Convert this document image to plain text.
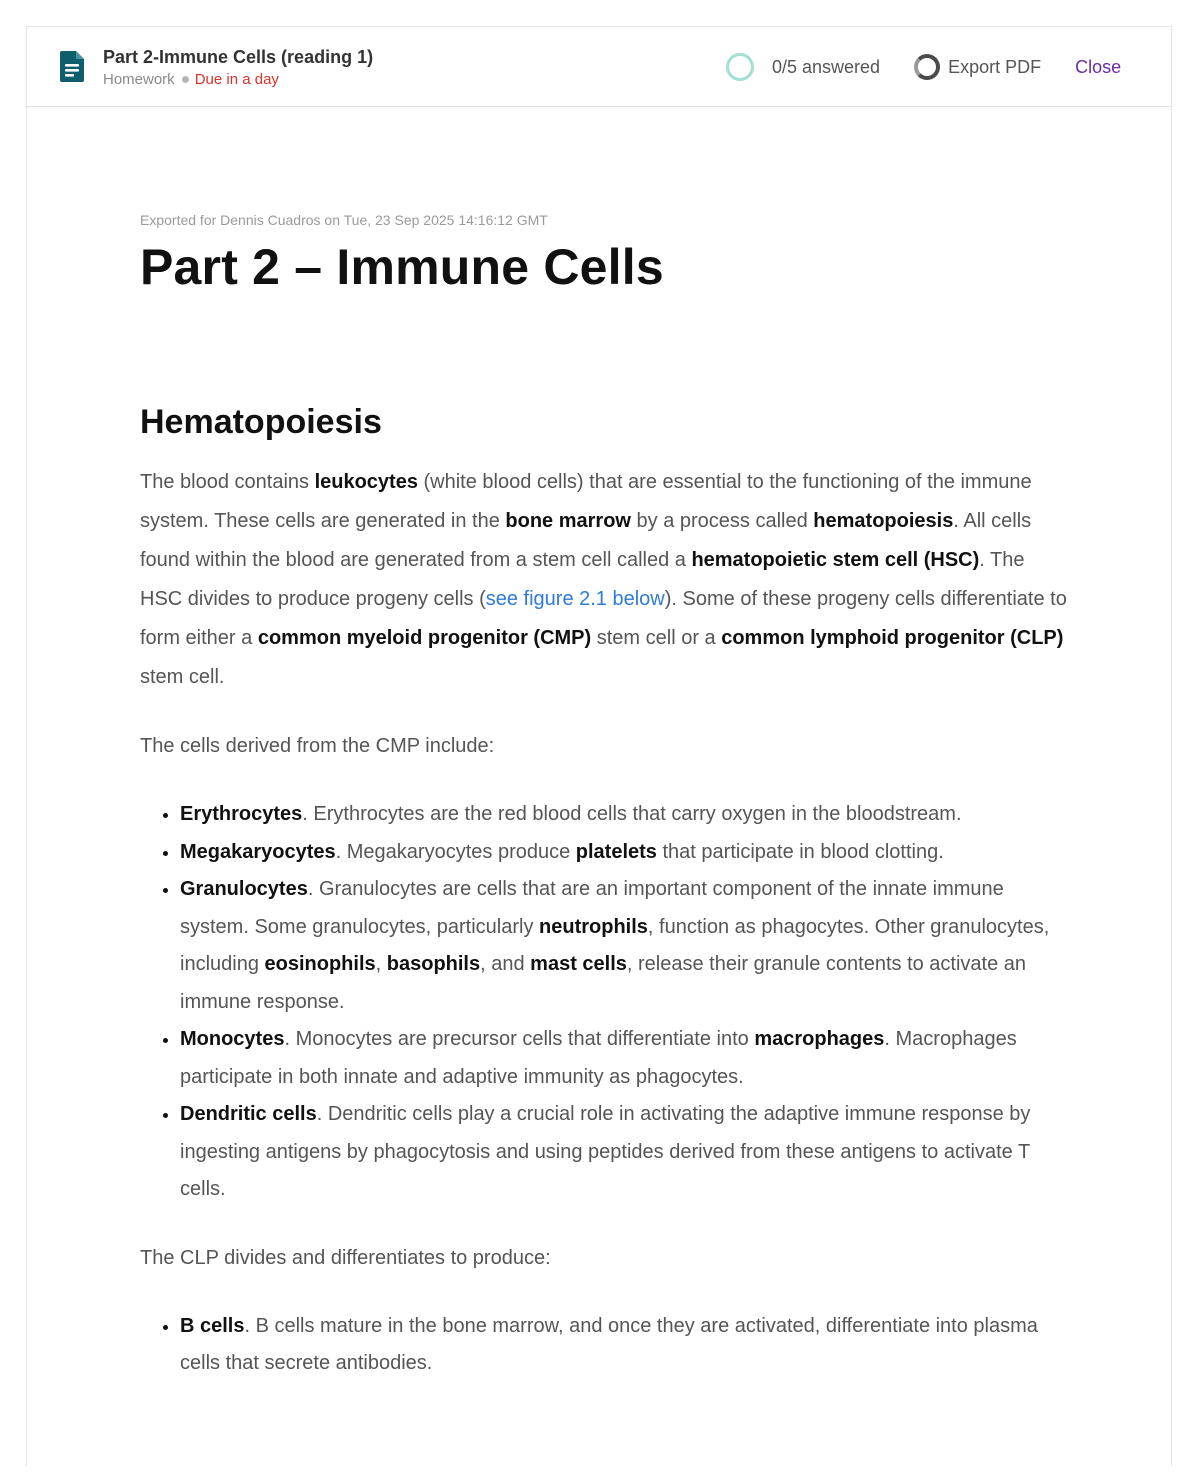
Part 2-Immune Cells (reading 1)
Homework Due in a day
0/5 answered	Export PDF Close
Exported for Dennis Cuadros on Tue, 23 Sep 2025 14:16:12 GMT
Part 2 – Immune Cells
Hematopoiesis

The blood contains leukocytes (white blood cells) that are essential to the functioning of the immune system. These cells are generated in the bone marrow by a process called hematopoiesis. All cells found within the blood are generated from a stem cell called a hematopoietic stem cell (HSC). The HSC divides to produce progeny cells (see figure 2.1 below). Some of these progeny cells differentiate to form either a common myeloid progenitor (CMP) stem cell or a common lymphoid progenitor (CLP) stem cell.

The cells derived from the CMP include:

• Erythrocytes. Erythrocytes are the red blood cells that carry oxygen in the bloodstream.
• Megakaryocytes. Megakaryocytes produce platelets that participate in blood clotting.
• Granulocytes. Granulocytes are cells that are an important component of the innate immune system. Some granulocytes, particularly neutrophils, function as phagocytes. Other granulocytes, including eosinophils, basophils, and mast cells, release their granule contents to activate an immune response.
• Monocytes. Monocytes are precursor cells that differentiate into macrophages. Macrophages participate in both innate and adaptive immunity as phagocytes.
• Dendritic cells. Dendritic cells play a crucial role in activating the adaptive immune response by ingesting antigens by phagocytosis and using peptides derived from these antigens to activate T cells.

The CLP divides and differentiates to produce:

• B cells. B cells mature in the bone marrow, and once they are activated, differentiate into plasma cells that secrete antibodies.
